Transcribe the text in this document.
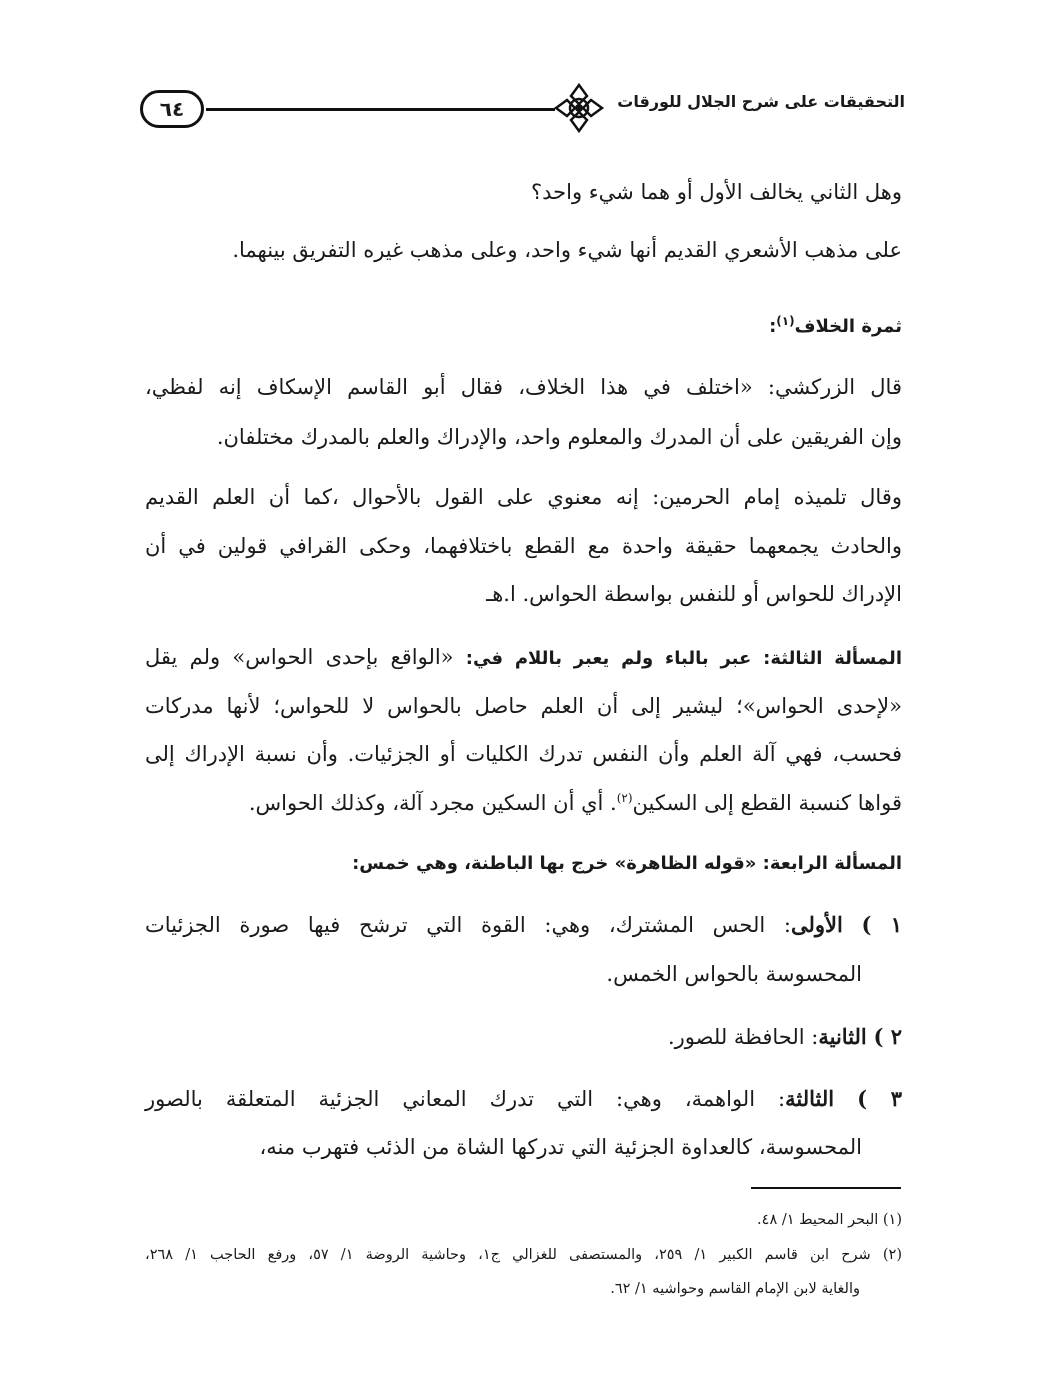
٦٤	التحقيقات على شرح الجلال للورقات
وهل الثاني يخالف الأول أو هما شيء واحد؟
على مذهب الأشعري القديم أنها شيء واحد، وعلى مذهب غيره التفريق بينهما.
ثمرة الخلاف$^{(١)}$:
قال الزركشي: «اختلف في هذا الخلاف، فقال أبو القاسم الإسكاف إنه لفظي،
وإن الفريقين على أن المدرك والمعلوم واحد، والإدراك والعلم بالمدرك مختلفان.
وقال تلميذه إمام الحرمين: إنه معنوي على القول بالأحوال ،كما أن العلم القديم
والحادث يجمعهما حقيقة واحدة مع القطع باختلافهما، وحكى القرافي قولين في أن
الإدراك للحواس أو للنفس بواسطة الحواس. ا.هـ
المسألة الثالثة: عبر بالباء ولم يعبر باللام في: «الواقع بإحدى الحواس» ولم يقل
«لإحدى الحواس»؛ ليشير إلى أن العلم حاصل بالحواس لا للحواس؛ لأنها مدركات
فحسب، فهي آلة العلم وأن النفس تدرك الكليات أو الجزئيات. وأن نسبة الإدراك إلى
قواها كنسبة القطع إلى السكين$^{(٢)}$. أي أن السكين مجرد آلة، وكذلك الحواس.
المسألة الرابعة: «قوله الظاهرة» خرج بها الباطنة، وهي خمس:
١ ) الأولى: الحس المشترك، وهي: القوة التي ترشح فيها صورة الجزئيات
المحسوسة بالحواس الخمس.
٢ ) الثانية: الحافظة للصور.
٣ ) الثالثة: الواهمة، وهي: التي تدرك المعاني الجزئية المتعلقة بالصور
المحسوسة، كالعداوة الجزئية التي تدركها الشاة من الذئب فتهرب منه،
(١) البحر المحيط ١/ ٤٨.
(٢) شرح ابن قاسم الكبير ١/ ٢٥٩، والمستصفى للغزالي ج١، وحاشية الروضة ١/ ٥٧، ورفع الحاجب ١/ ٢٦٨،
والغاية لابن الإمام القاسم وحواشيه ١/ ٦٢.
